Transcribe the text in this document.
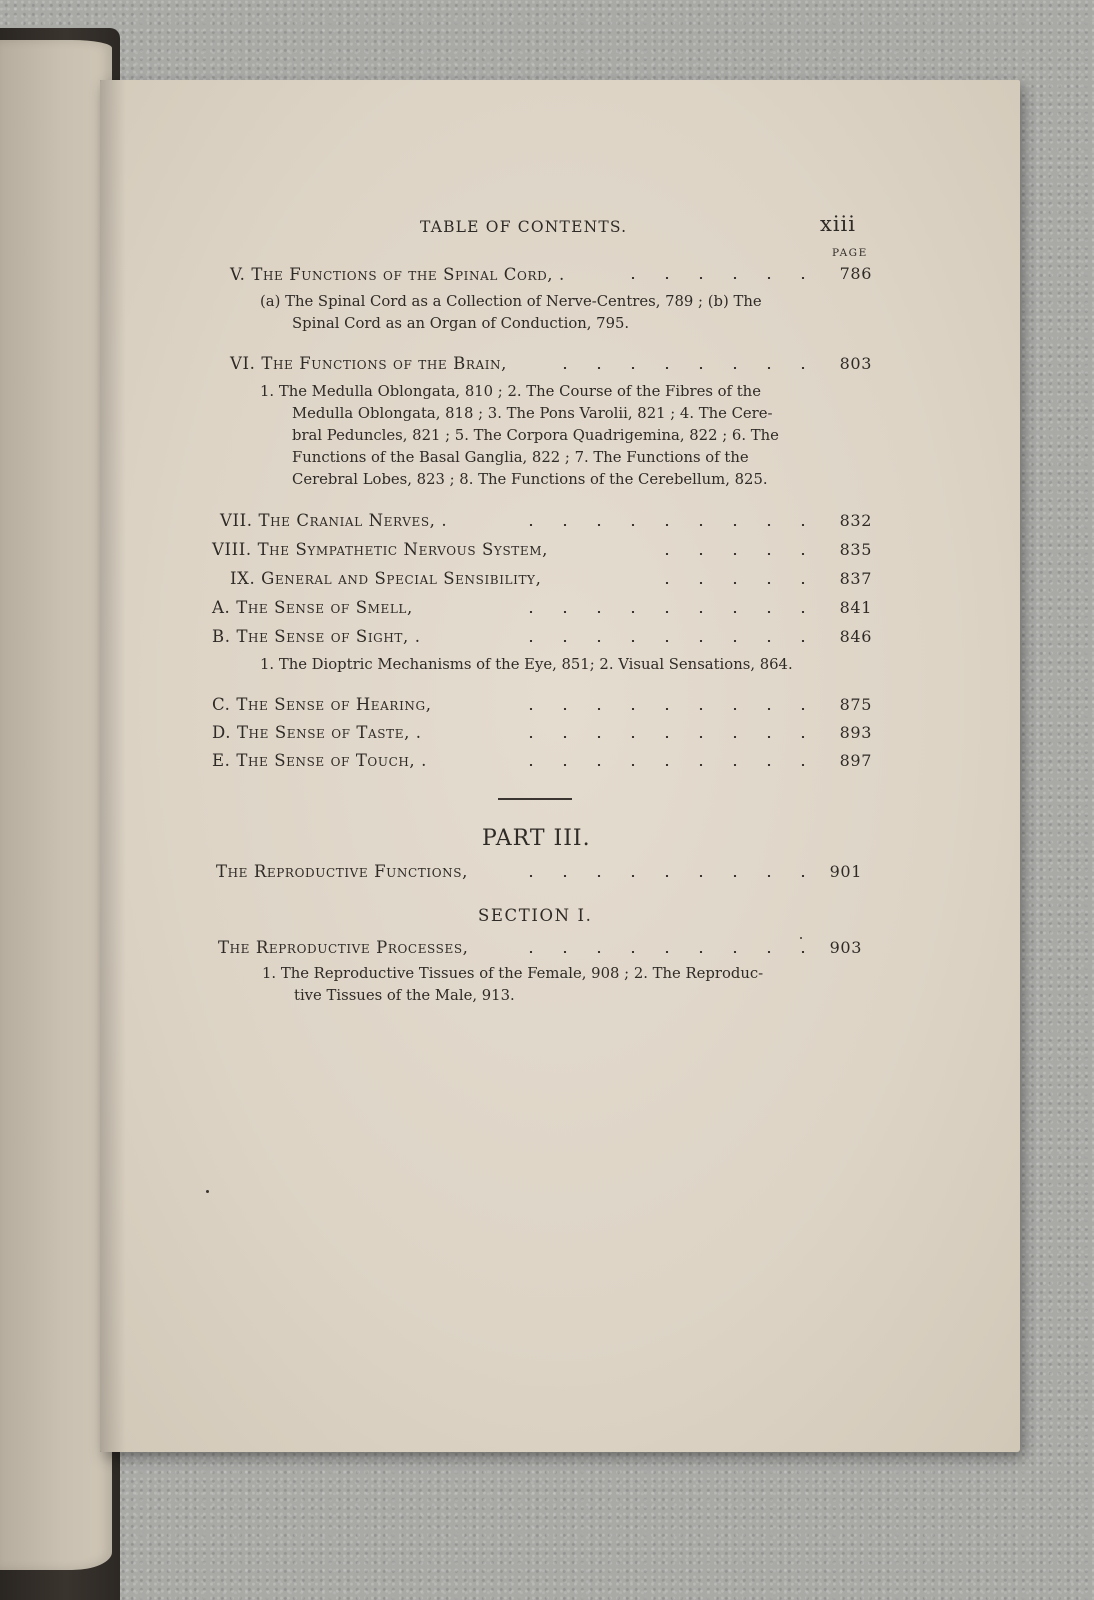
TABLE OF CONTENTS.	xiii
PAGE
V. The Functions of the Spinal Cord, .	786
(a) The Spinal Cord as a Collection of Nerve-Centres, 789 ; (b) The
Spinal Cord as an Organ of Conduction, 795.
VI. The Functions of the Brain,	803
1. The Medulla Oblongata, 810 ; 2. The Course of the Fibres of the
Medulla Oblongata, 818 ; 3. The Pons Varolii, 821 ; 4. The Cere-
bral Peduncles, 821 ; 5. The Corpora Quadrigemina, 822 ; 6. The
Functions of the Basal Ganglia, 822 ; 7. The Functions of the
Cerebral Lobes, 823 ; 8. The Functions of the Cerebellum, 825.
VII. The Cranial Nerves, .	832
VIII. The Sympathetic Nervous System,	835
IX. General and Special Sensibility,	837
A. The Sense of Smell,	841
B. The Sense of Sight, .	846
1. The Dioptric Mechanisms of the Eye, 851; 2. Visual Sensations, 864.
C. The Sense of Hearing,	875
D. The Sense of Taste, .	893
E. The Sense of Touch, .	897
PART III.
The Reproductive Functions,	901
SECTION I.
The Reproductive Processes,	903
1. The Reproductive Tissues of the Female, 908 ; 2. The Reproduc-
tive Tissues of the Male, 913.
